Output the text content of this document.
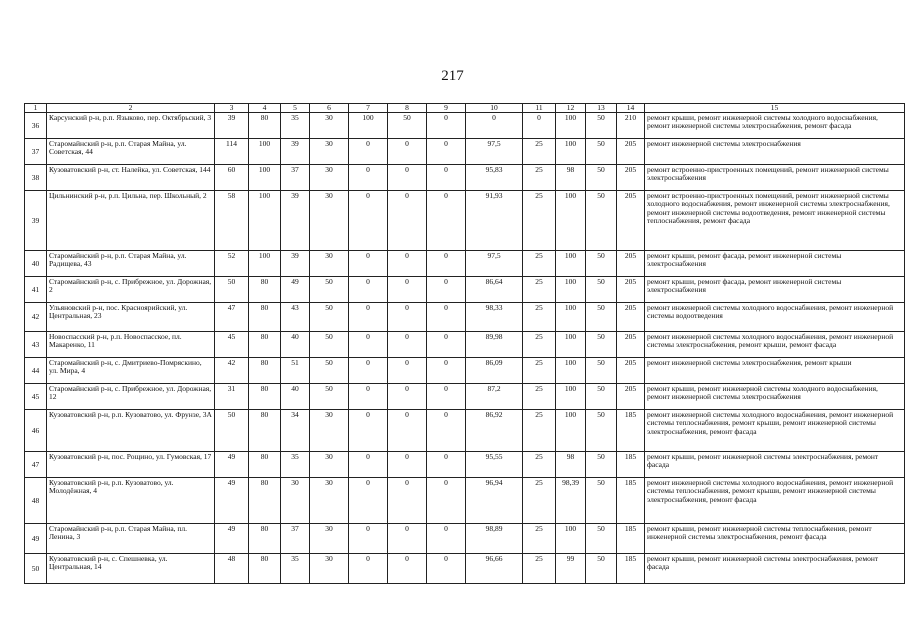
217
1	2	3	4	5	6	7	8	9	10	11	12	13	14	15
36	Карсунский р-н, р.п. Языково, пер. Октябрьский, 3	39	80	35	30	100	50	0	0	0	100	50	210	ремонт крыши, ремонт инженерной системы холодного водоснабжения, ремонт инженерной системы электроснабжения, ремонт фасада
37	Старомайнский р-н, р.п. Старая Майна, ул. Советская, 44	114	100	39	30	0	0	0	97,5	25	100	50	205	ремонт инженерной системы электроснабжения
38	Кузоватовский р-н, ст. Налейка, ул. Советская, 144	60	100	37	30	0	0	0	95,83	25	98	50	205	ремонт встроенно-пристроенных помещений, ремонт инженерной системы электроснабжения
39	Цильнинский р-н, р.п. Цильна, пер. Школьный, 2	58	100	39	30	0	0	0	91,93	25	100	50	205	ремонт встроенно-пристроенных помещений, ремонт инженерной системы холодного водоснабжения, ремонт инженерной системы электроснабжения, ремонт инженерной системы водоотведения, ремонт инженерной системы теплоснабжения, ремонт фасада
40	Старомайнский р-н, р.п. Старая Майна, ул. Радищева, 43	52	100	39	30	0	0	0	97,5	25	100	50	205	ремонт крыши, ремонт фасада, ремонт инженерной системы электроснабжения
41	Старомайнский р-н, с. Прибрежное, ул. Дорожная, 2	50	80	49	50	0	0	0	86,64	25	100	50	205	ремонт крыши, ремонт фасада, ремонт инженерной системы электроснабжения
42	Ульяновский р-н, пос. Красноярийский, ул. Центральная, 23	47	80	43	50	0	0	0	98,33	25	100	50	205	ремонт инженерной системы холодного водоснабжения, ремонт инженерной системы водоотведения
43	Новоспасский р-н, р.п. Новоспасское, пл. Макаренко, 11	45	80	40	50	0	0	0	89,98	25	100	50	205	ремонт инженерной системы холодного водоснабжения, ремонт инженерной системы электроснабжения, ремонт крыши, ремонт фасада
44	Старомайнский р-н, с. Дмитриево-Помряскино, ул. Мира, 4	42	80	51	50	0	0	0	86,09	25	100	50	205	ремонт инженерной системы электроснабжения, ремонт крыши
45	Старомайнский р-н, с. Прибрежное, ул. Дорожная, 12	31	80	40	50	0	0	0	87,2	25	100	50	205	ремонт крыши, ремонт инженерной системы холодного водоснабжения, ремонт инженерной системы электроснабжения
46	Кузоватовский р-н, р.п. Кузоватово, ул. Фрунзе, 3А	50	80	34	30	0	0	0	86,92	25	100	50	185	ремонт инженерной системы холодного водоснабжения, ремонт инженерной системы теплоснабжения, ремонт крыши, ремонт инженерной системы электроснабжения, ремонт фасада
47	Кузоватовский р-н, пос. Рощино, ул. Гумовская, 17	49	80	35	30	0	0	0	95,55	25	98	50	185	ремонт крыши, ремонт инженерной системы электроснабжения, ремонт фасада
48	Кузоватовский р-н, р.п. Кузоватово, ул. Молодёжная, 4	49	80	30	30	0	0	0	96,94	25	98,39	50	185	ремонт инженерной системы холодного водоснабжения, ремонт инженерной системы теплоснабжения, ремонт крыши, ремонт инженерной системы электроснабжения, ремонт фасада
49	Старомайнский р-н, р.п. Старая Майна, пл. Ленина, 3	49	80	37	30	0	0	0	98,89	25	100	50	185	ремонт крыши, ремонт инженерной системы теплоснабжения, ремонт инженерной системы электроснабжения, ремонт фасада
50	Кузоватовский р-н, с. Спешневка, ул. Центральная, 14	48	80	35	30	0	0	0	96,66	25	99	50	185	ремонт крыши, ремонт инженерной системы электроснабжения, ремонт фасада
